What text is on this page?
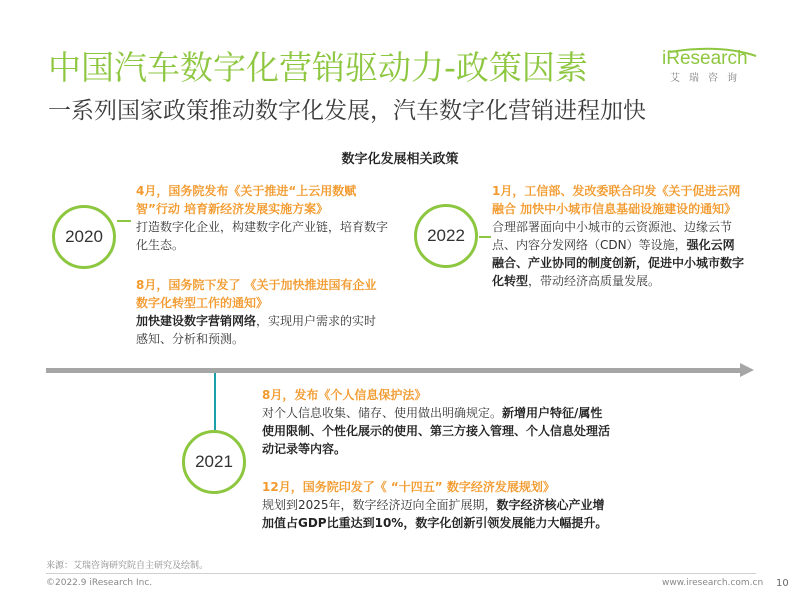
中国汽车数字化营销驱动力-政策因素
一系列国家政策推动数字化发展，汽车数字化营销进程加快
iResearch
艾瑞咨询
数字化发展相关政策
2020
4月，国务院发布《关于推进“上云用数赋智”行动 培育新经济发展实施方案》
打造数字化企业，构建数字化产业链，培育数字化生态。
8月，国务院下发了 《关于加快推进国有企业数字化转型工作的通知》
加快建设数字营销网络，实现用户需求的实时感知、分析和预测。
2022
1月，工信部、发改委联合印发《关于促进云网融合 加快中小城市信息基础设施建设的通知》
合理部署面向中小城市的云资源池、边缘云节点、内容分发网络（CDN）等设施，强化云网融合、产业协同的制度创新，促进中小城市数字化转型，带动经济高质量发展。
2021
8月，发布《个人信息保护法》
对个人信息收集、储存、使用做出明确规定。新增用户特征/属性使用限制、个性化展示的使用、第三方接入管理、个人信息处理活动记录等内容。
12月，国务院印发了《 “十四五” 数字经济发展规划》
规划到2025年，数字经济迈向全面扩展期，数字经济核心产业增加值占GDP比重达到10%，数字化创新引领发展能力大幅提升。
来源：艾瑞咨询研究院自主研究及绘制。
©2022.9 iResearch Inc.	www.iresearch.com.cn 10
